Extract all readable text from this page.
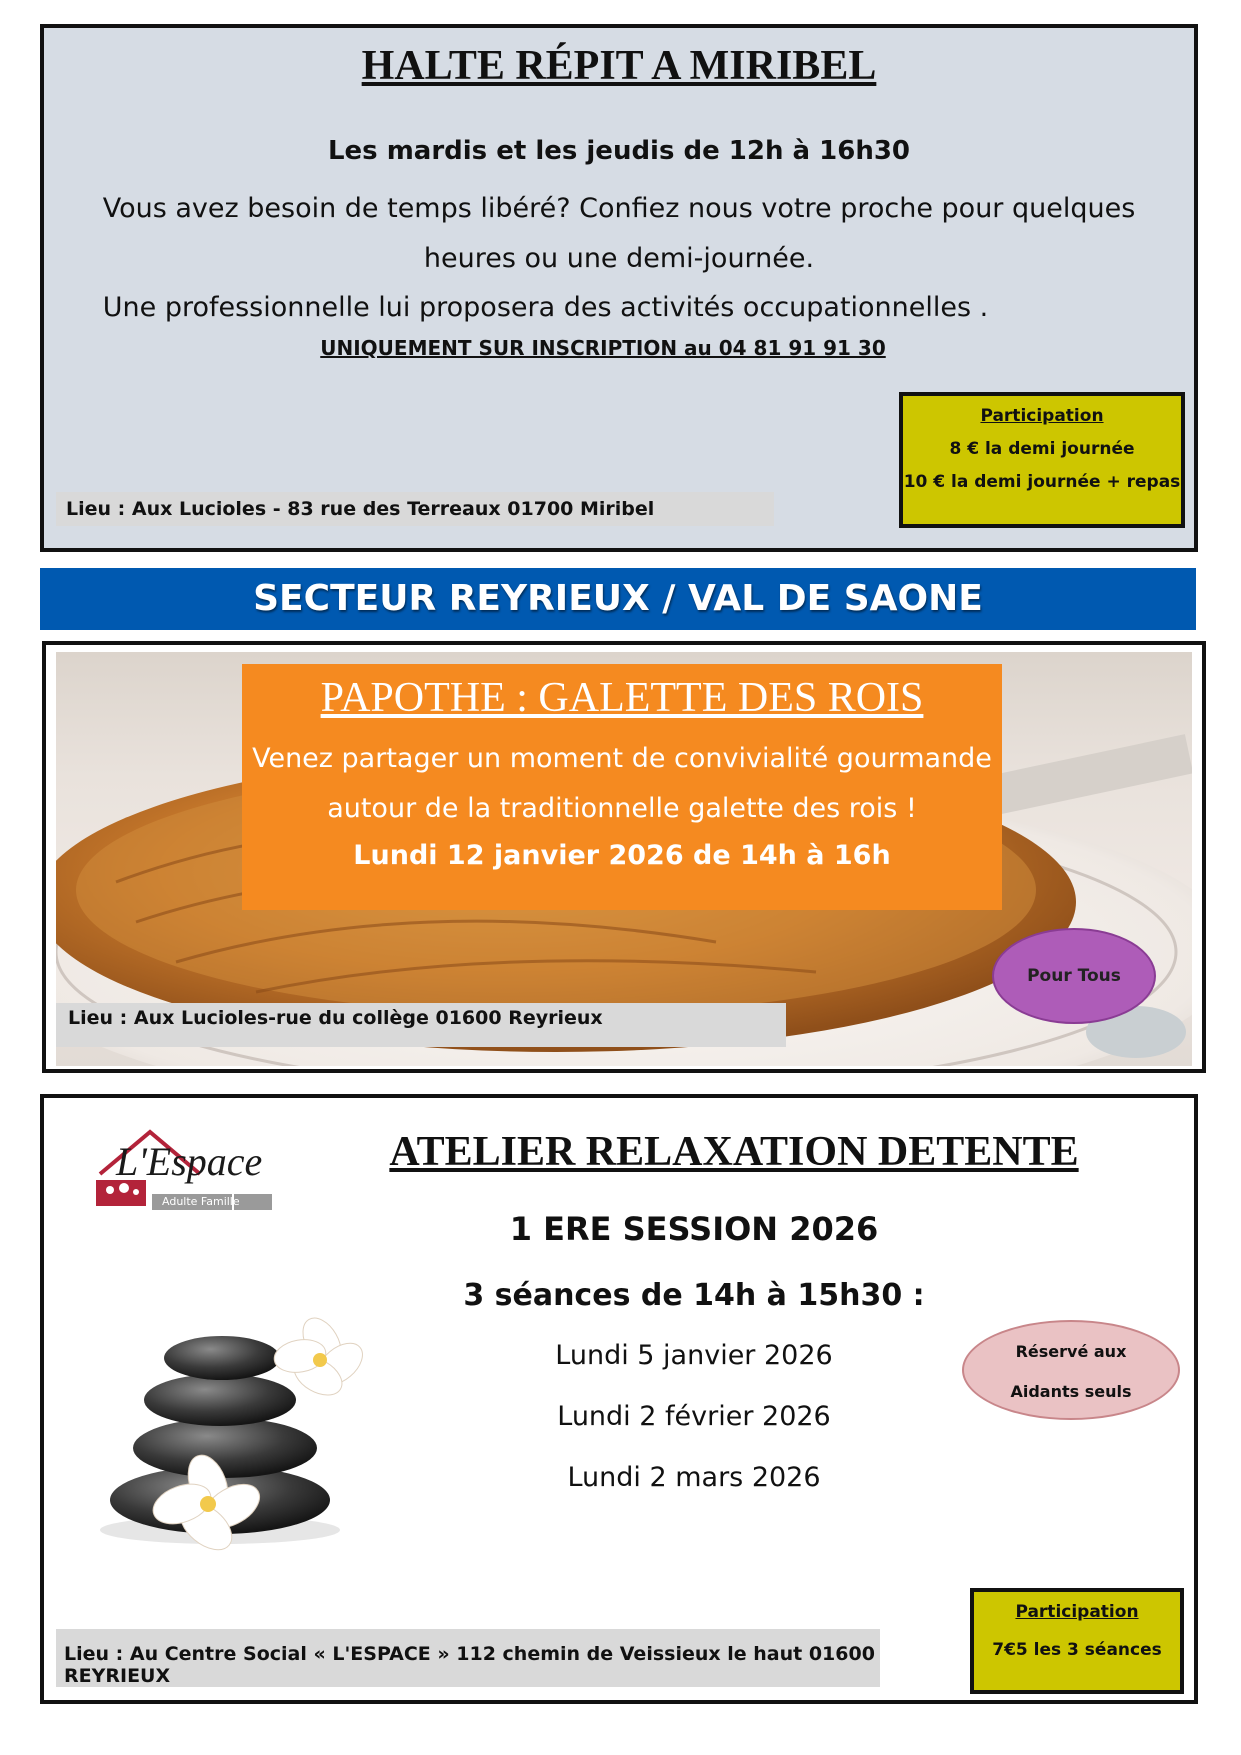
HALTE RÉPIT A MIRIBEL
Les mardis et les jeudis de 12h à 16h30
Vous avez besoin de temps libéré? Confiez nous votre proche pour quelques heures ou une demi-journée.
Une professionnelle lui proposera des activités occupationnelles .
UNIQUEMENT SUR INSCRIPTION au 04 81 91 91 30
Lieu : Aux Lucioles - 83 rue des Terreaux 01700 Miribel
Participation
8 € la demi journée
10 € la demi journée + repas
SECTEUR REYRIEUX / VAL DE SAONE
PAPOTHE : GALETTE DES ROIS
Venez partager un moment de convivialité gourmande
autour de la traditionnelle galette des rois !
Lundi 12 janvier 2026 de 14h à 16h
Pour Tous
Lieu : Aux Lucioles-rue du collège 01600 Reyrieux
L'Espace
Adulte Famille
ATELIER RELAXATION DETENTE
1 ERE SESSION 2026
3 séances de 14h à 15h30 :
Lundi 5 janvier 2026
Lundi 2 février 2026
Lundi 2 mars 2026
Réservé aux
Aidants seuls
Lieu : Au Centre Social « L'ESPACE » 112 chemin de Veissieux le haut 01600 REYRIEUX
Participation
7€5 les 3 séances
